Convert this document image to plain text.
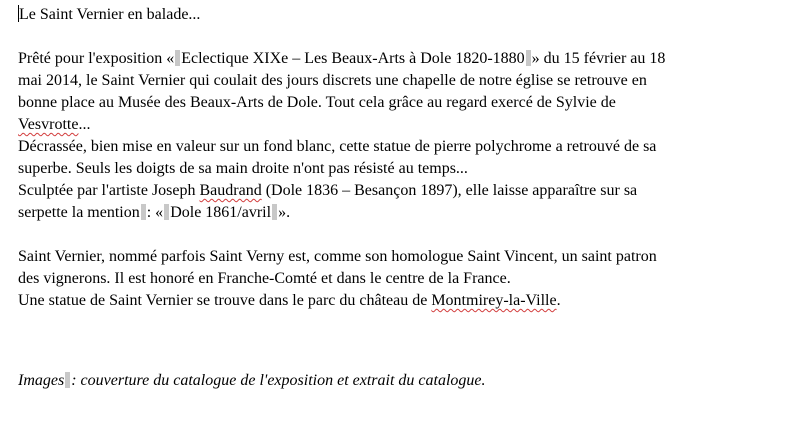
Le Saint Vernier en balade...

Prêté pour l'exposition « Eclectique XIXe – Les Beaux-Arts à Dole 1820-1880 » du 15 février au 18
mai 2014, le Saint Vernier qui coulait des jours discrets une chapelle de notre église se retrouve en
bonne place au Musée des Beaux-Arts de Dole. Tout cela grâce au regard exercé de Sylvie de
Vesvrotte...
Décrassée, bien mise en valeur sur un fond blanc, cette statue de pierre polychrome a retrouvé de sa
superbe. Seuls les doigts de sa main droite n'ont pas résisté au temps...
Sculptée par l'artiste Joseph Baudrand (Dole 1836 – Besançon 1897), elle laisse apparaître sur sa
serpette la mention : « Dole 1861/avril ».
Saint Vernier, nommé parfois Saint Verny est, comme son homologue Saint Vincent, un saint patron
des vignerons. Il est honoré en Franche-Comté et dans le centre de la France.
Une statue de Saint Vernier se trouve dans le parc du château de Montmirey-la-Ville.

Images : couverture du catalogue de l'exposition et extrait du catalogue.
